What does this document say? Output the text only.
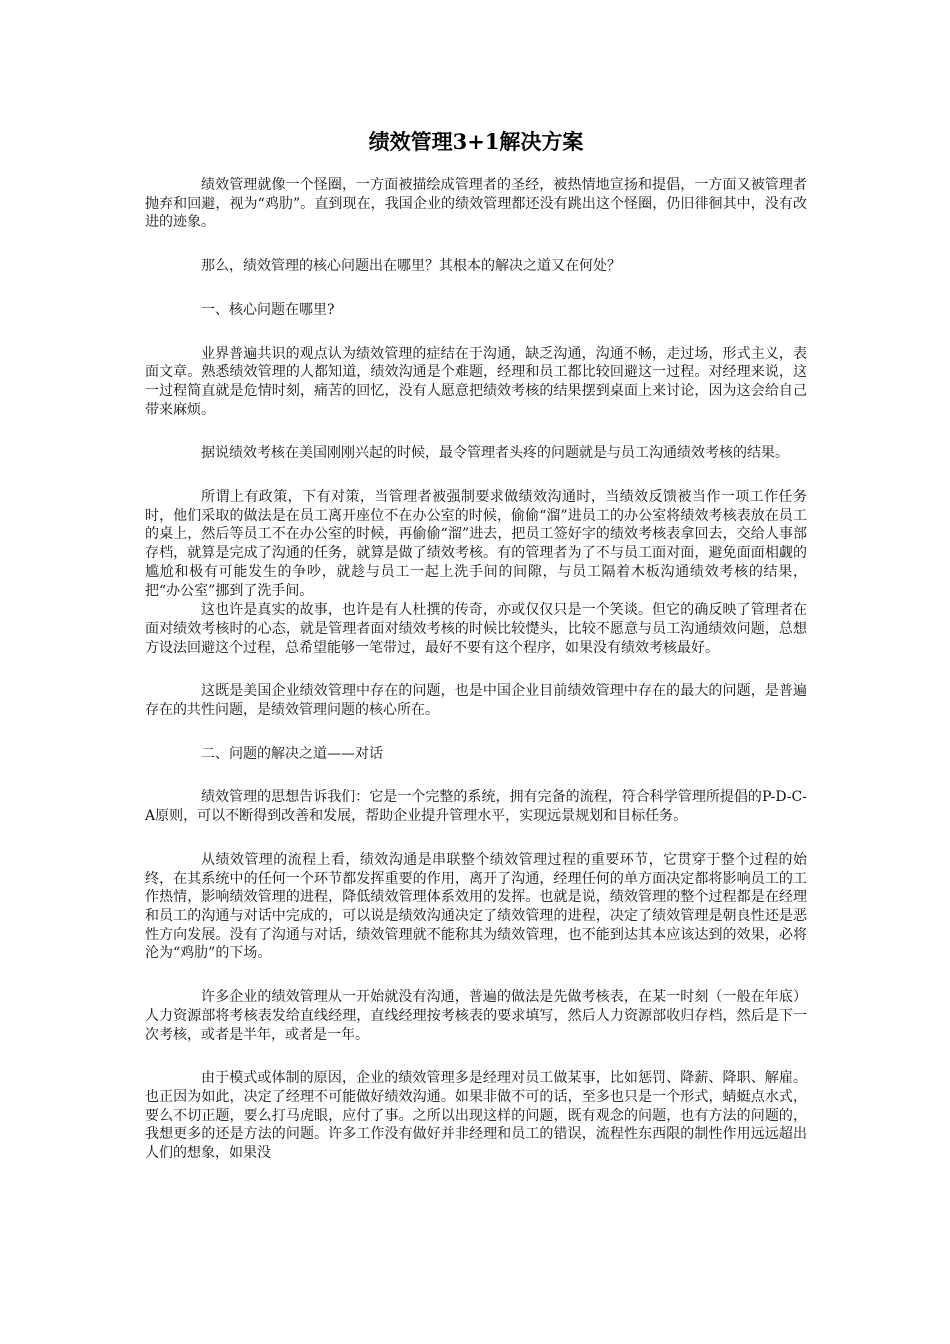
绩效管理3+1解决方案

绩效管理就像一个怪圈，一方面被描绘成管理者的圣经，被热情地宣扬和提倡，一方面又被管理者抛弃和回避，视为“鸡肋”。直到现在，我国企业的绩效管理都还没有跳出这个怪圈，仍旧徘徊其中，没有改进的迹象。

那么，绩效管理的核心问题出在哪里？其根本的解决之道又在何处？

一、核心问题在哪里?

业界普遍共识的观点认为绩效管理的症结在于沟通，缺乏沟通，沟通不畅，走过场，形式主义，表面文章。熟悉绩效管理的人都知道，绩效沟通是个难题，经理和员工都比较回避这一过程。对经理来说，这一过程简直就是危情时刻，痛苦的回忆，没有人愿意把绩效考核的结果摆到桌面上来讨论，因为这会给自己带来麻烦。

据说绩效考核在美国刚刚兴起的时候，最令管理者头疼的问题就是与员工沟通绩效考核的结果。

所谓上有政策，下有对策，当管理者被强制要求做绩效沟通时，当绩效反馈被当作一项工作任务时，他们采取的做法是在员工离开座位不在办公室的时候，偷偷“溜”进员工的办公室将绩效考核表放在员工的桌上，然后等员工不在办公室的时候，再偷偷“溜”进去，把员工签好字的绩效考核表拿回去，交给人事部存档，就算是完成了沟通的任务，就算是做了绩效考核。有的管理者为了不与员工面对面，避免面面相觑的尴尬和极有可能发生的争吵，就趁与员工一起上洗手间的间隙，与员工隔着木板沟通绩效考核的结果，把“办公室”挪到了洗手间。

这也许是真实的故事，也许是有人杜撰的传奇，亦或仅仅只是一个笑谈。但它的确反映了管理者在面对绩效考核时的心态，就是管理者面对绩效考核的时候比较憷头，比较不愿意与员工沟通绩效问题，总想方设法回避这个过程，总希望能够一笔带过，最好不要有这个程序，如果没有绩效考核最好。

这既是美国企业绩效管理中存在的问题，也是中国企业目前绩效管理中存在的最大的问题，是普遍存在的共性问题，是绩效管理问题的核心所在。

二、问题的解决之道——对话

绩效管理的思想告诉我们：它是一个完整的系统，拥有完备的流程，符合科学管理所提倡的P-D-C-A原则，可以不断得到改善和发展，帮助企业提升管理水平，实现远景规划和目标任务。

从绩效管理的流程上看，绩效沟通是串联整个绩效管理过程的重要环节，它贯穿于整个过程的始终，在其系统中的任何一个环节都发挥重要的作用，离开了沟通，经理任何的单方面决定都将影响员工的工作热情，影响绩效管理的进程，降低绩效管理体系效用的发挥。也就是说，绩效管理的整个过程都是在经理和员工的沟通与对话中完成的，可以说是绩效沟通决定了绩效管理的进程，决定了绩效管理是朝良性还是恶性方向发展。没有了沟通与对话，绩效管理就不能称其为绩效管理，也不能到达其本应该达到的效果，必将沦为“鸡肋”的下场。

许多企业的绩效管理从一开始就没有沟通，普遍的做法是先做考核表，在某一时刻（一般在年底）人力资源部将考核表发给直线经理，直线经理按考核表的要求填写，然后人力资源部收归存档，然后是下一次考核，或者是半年，或者是一年。

由于模式或体制的原因，企业的绩效管理多是经理对员工做某事，比如惩罚、降薪、降职、解雇。也正因为如此，决定了经理不可能做好绩效沟通。如果非做不可的话，至多也只是一个形式，蜻蜓点水式，要么不切正题，要么打马虎眼，应付了事。之所以出现这样的问题，既有观念的问题，也有方法的问题的，我想更多的还是方法的问题。许多工作没有做好并非经理和员工的错误，流程性东西限的制性作用远远超出人们的想象，如果没
